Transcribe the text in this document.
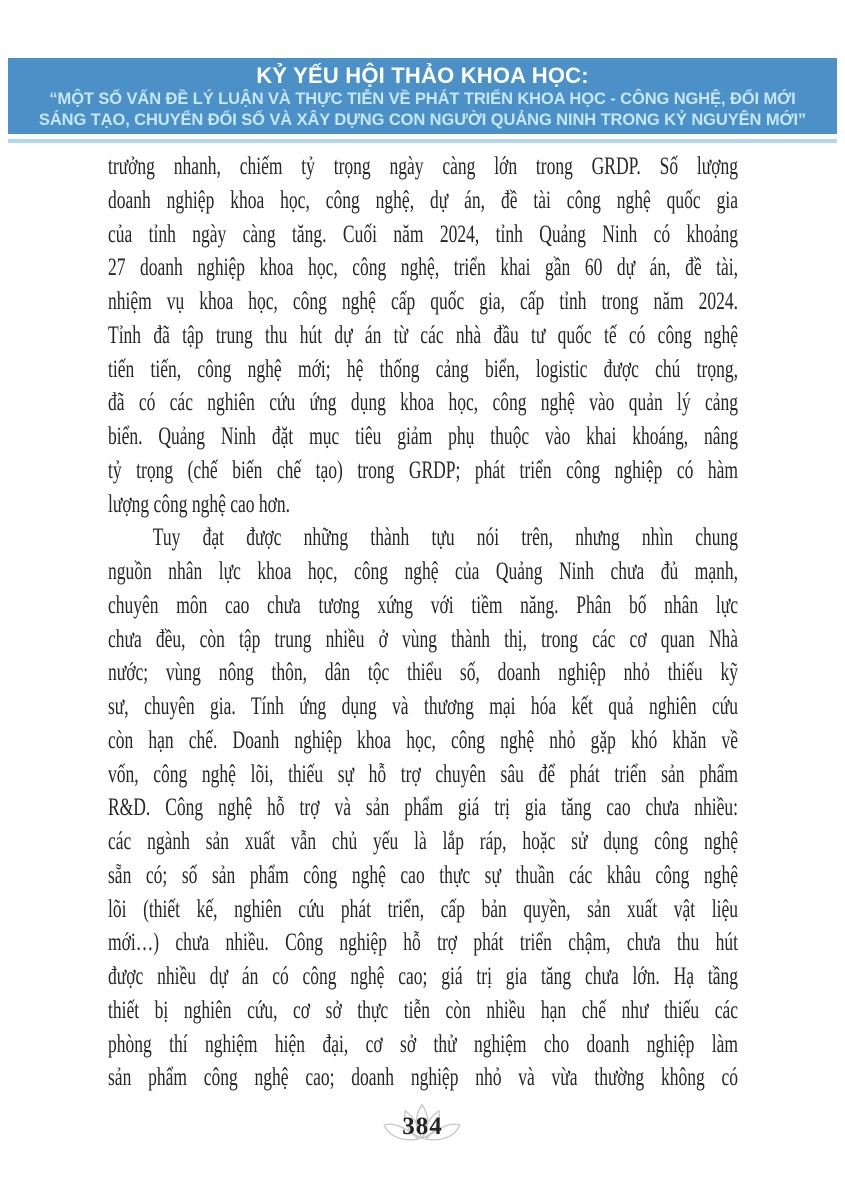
KỶ YẾU HỘI THẢO KHOA HỌC:

“MỘT SỐ VẤN ĐỀ LÝ LUẬN VÀ THỰC TIỄN VỀ PHÁT TRIỂN KHOA HỌC - CÔNG NGHỆ, ĐỔI MỚI

SÁNG TẠO, CHUYỂN ĐỔI SỐ VÀ XÂY DỰNG CON NGƯỜI QUẢNG NINH TRONG KỶ NGUYÊN MỚI”

trưởng nhanh, chiếm tỷ trọng ngày càng lớn trong GRDP. Số lượng
doanh nghiệp khoa học, công nghệ, dự án, đề tài công nghệ quốc gia
của tỉnh ngày càng tăng. Cuối năm 2024, tỉnh Quảng Ninh có khoảng
27 doanh nghiệp khoa học, công nghệ, triển khai gần 60 dự án, đề tài,
nhiệm vụ khoa học, công nghệ cấp quốc gia, cấp tỉnh trong năm 2024.
Tỉnh đã tập trung thu hút dự án từ các nhà đầu tư quốc tế có công nghệ
tiến tiến, công nghệ mới; hệ thống cảng biển, logistic được chú trọng,
đã có các nghiên cứu ứng dụng khoa học, công nghệ vào quản lý cảng
biển. Quảng Ninh đặt mục tiêu giảm phụ thuộc vào khai khoáng, nâng
tỷ trọng (chế biến chế tạo) trong GRDP; phát triển công nghiệp có hàm
lượng công nghệ cao hơn.
Tuy đạt được những thành tựu nói trên, nhưng nhìn chung
nguồn nhân lực khoa học, công nghệ của Quảng Ninh chưa đủ mạnh,
chuyên môn cao chưa tương xứng với tiềm năng. Phân bố nhân lực
chưa đều, còn tập trung nhiều ở vùng thành thị, trong các cơ quan Nhà
nước; vùng nông thôn, dân tộc thiểu số, doanh nghiệp nhỏ thiếu kỹ
sư, chuyên gia. Tính ứng dụng và thương mại hóa kết quả nghiên cứu
còn hạn chế. Doanh nghiệp khoa học, công nghệ nhỏ gặp khó khăn về
vốn, công nghệ lõi, thiếu sự hỗ trợ chuyên sâu để phát triển sản phẩm
R&D. Công nghệ hỗ trợ và sản phẩm giá trị gia tăng cao chưa nhiều:
các ngành sản xuất vẫn chủ yếu là lắp ráp, hoặc sử dụng công nghệ
sẵn có; số sản phẩm công nghệ cao thực sự thuần các khâu công nghệ
lõi (thiết kế, nghiên cứu phát triển, cấp bản quyền, sản xuất vật liệu
mới…) chưa nhiều. Công nghiệp hỗ trợ phát triển chậm, chưa thu hút
được nhiều dự án có công nghệ cao; giá trị gia tăng chưa lớn. Hạ tầng
thiết bị nghiên cứu, cơ sở thực tiễn còn nhiều hạn chế như thiếu các
phòng thí nghiệm hiện đại, cơ sở thử nghiệm cho doanh nghiệp làm
sản phẩm công nghệ cao; doanh nghiệp nhỏ và vừa thường không có
384
